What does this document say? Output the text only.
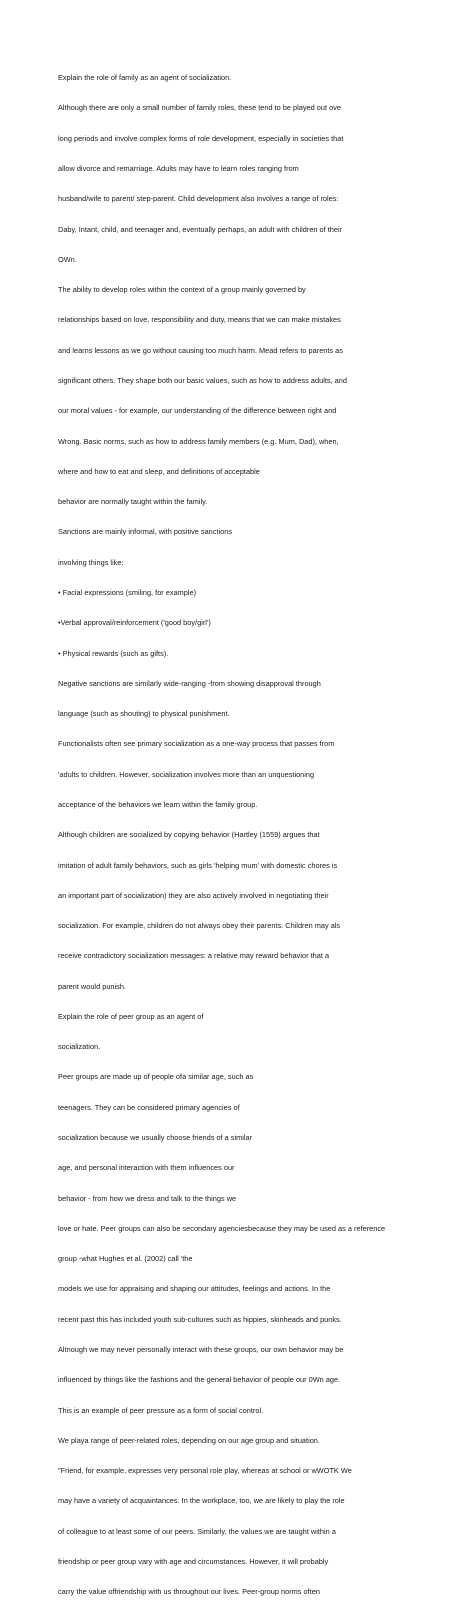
Explain the role of family as an agent of socialization.

Although there are only a small number of family roles, these tend to be played out ove

long periods and involve complex forms of role development, especially in societies that

allow divorce and remarriage. Adults may have to learn roles ranging from

husband/wife to parent/ step-parent. Child development also involves a range of roles:

Daby, Intant, child, and teenager and, eventually perhaps, an adult with children of their

OWn.

The ability to develop roles within the context of a group mainly governed by

relationships based on love, responsibility and duty, means that we can make mistakes

and learns lessons as we go without causing too much harm. Mead refers to parents as

significant others. They shape both our basic values, such as how to address adults, and

our moral values - for example, our understanding of the difference between right and

Wrong. Basic norms, such as how to address family members (e.g. Mum, Dad), when,

where and how to eat and sleep, and definitions of acceptable

behavior are normally taught within the family.

Sanctions are mainly informal, with positive sanctions

involving things like:

• Facial expressions (smiling, for example)

•Verbal approval/reinforcement ('good boy/girl')

• Physical rewards (such as gifts).

Negative sanctions are similarly wide-ranging -from showing disapproval through

language (such as shouting) to physical punishment.

Functionalists often see primary socialization as a one-way process that passes from

'adults to children. However, socialization involves more than an unquestioning

acceptance of the behaviors we learn within the family group.

Although children are socialized by copying behavior (Hartley (1559) argues that

imitation of adult family behaviors, such as girls 'helping mum' with domestic chores is

an important part of socialization) they are also actively involved in negotiating their

socialization. For example, children do not always obey their parents. Children may als

receive contradictory socialization messages: a relative may reward behavior that a

parent would punish.

Explain the role of peer group as an agent of

socialization.

Peer groups are made up of people ofa similar age, such as

teenagers. They can be considered primary agencies of

socialization because we usually choose friends of a similar

age, and personal interaction with them influences our

behavior - from how we dress and talk to the things we

love or hate. Peer groups can also be secondary agenciesbecause they may be used as a reference

group -what Hughes et al. (2002) call 'the

models we use for appraising and shaping our attitudes, feelings and actions. In the

recent past this has included youth sub-cultures such as hippies, skinheads and punks.

Altnough we may never personally interact with these groups, our own behavior may be

influenced by things like the fashions and the general behavior of people our 0Wn age.

This is an example of peer pressure as a form of social control.

We playa range of peer-related roles, depending on our age group and situation.

"Friend, for example, expresses very personal role play, whereas at school or wWOTK We

may have a variety of acquaintances. In the workplace, too, we are likely to play the role

of colleague to at least some of our peers. Similarly, the values we are taught within a

friendship or peer group vary with age and circumstances. However, it will probably

carry the value offriendship with us throughout our lives. Peer-group norms often
